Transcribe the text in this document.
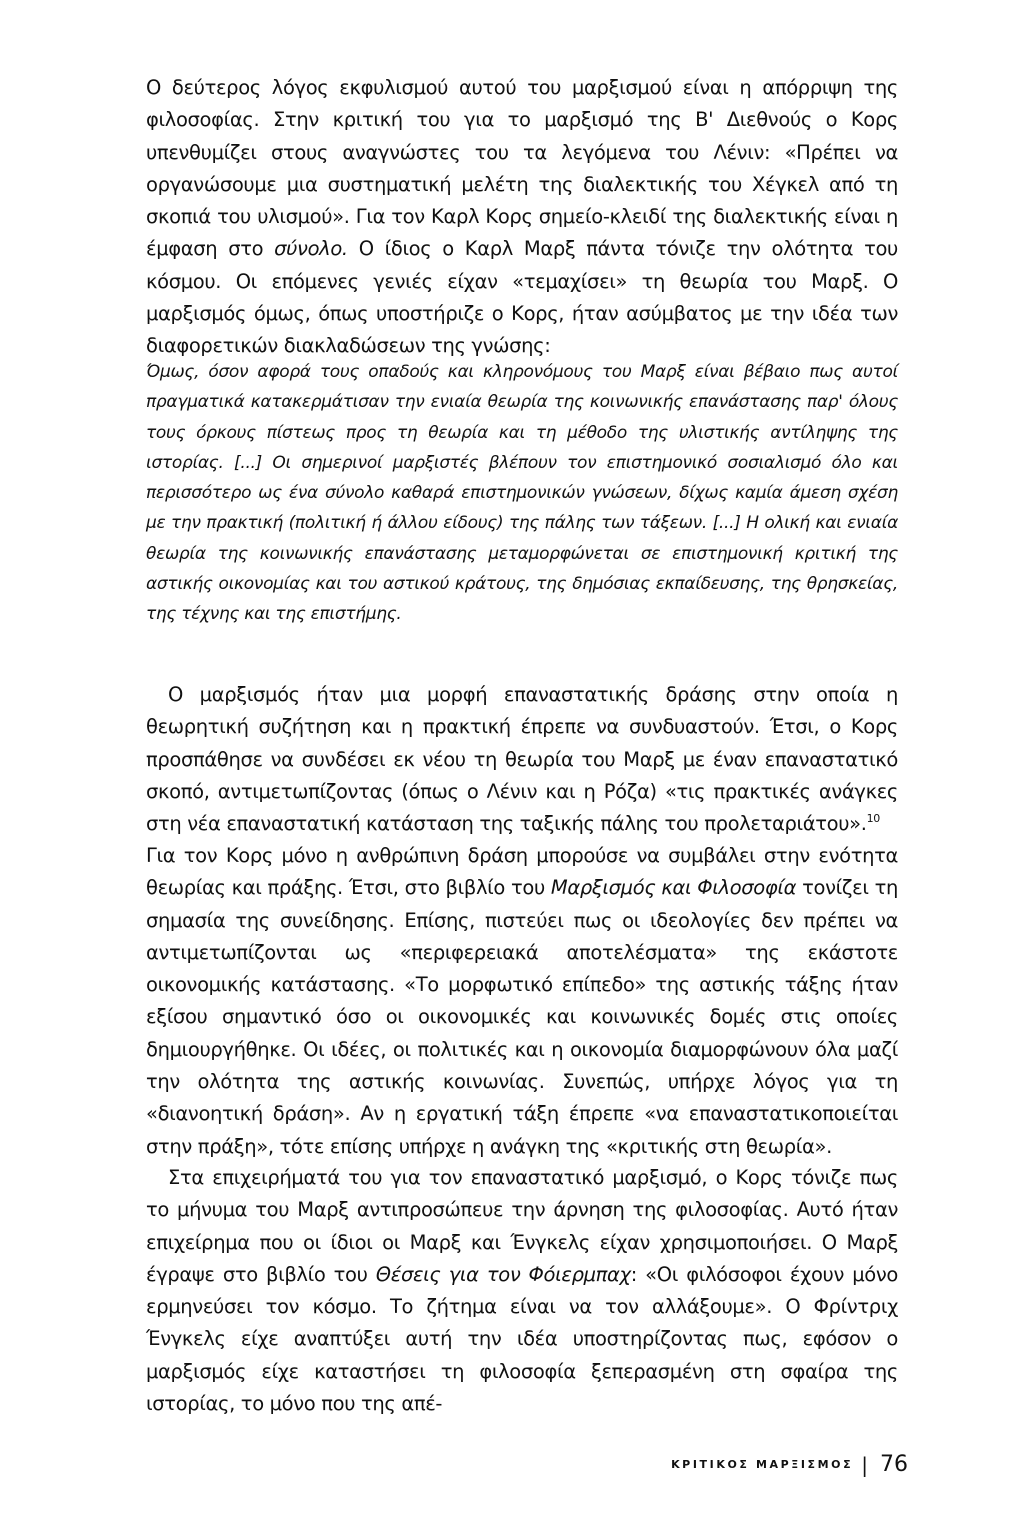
Ο δεύτερος λόγος εκφυλισμού αυτού του μαρξισμού είναι η απόρριψη της φιλοσοφίας. Στην κριτική του για το μαρξισμό της Β' Διεθνούς ο Κορς υπενθυμίζει στους αναγνώστες του τα λεγόμενα του Λένιν: «Πρέπει να οργανώσουμε μια συστηματική μελέτη της διαλεκτικής του Χέγκελ από τη σκοπιά του υλισμού». Για τον Καρλ Κορς σημείο-κλειδί της διαλεκτικής είναι η έμφαση στο σύνολο. Ο ίδιος ο Καρλ Μαρξ πάντα τόνιζε την ολότητα του κόσμου. Οι επόμενες γενιές είχαν «τεμαχίσει» τη θεωρία του Μαρξ. Ο μαρξισμός όμως, όπως υποστήριζε ο Κορς, ήταν ασύμβατος με την ιδέα των διαφορετικών διακλαδώσεων της γνώσης:

Όμως, όσον αφορά τους οπαδούς και κληρονόμους του Μαρξ είναι βέβαιο πως αυτοί πραγματικά κατακερμάτισαν την ενιαία θεωρία της κοινωνικής επανάστασης παρ' όλους τους όρκους πίστεως προς τη θεωρία και τη μέθοδο της υλιστικής αντίληψης της ιστορίας. [...] Οι σημερινοί μαρξιστές βλέπουν τον επιστημονικό σοσιαλισμό όλο και περισσότερο ως ένα σύνολο καθαρά επιστημονικών γνώσεων, δίχως καμία άμεση σχέση με την πρακτική (πολιτική ή άλλου είδους) της πάλης των τάξεων. [...] Η ολική και ενιαία θεωρία της κοινωνικής επανάστασης μεταμορφώνεται σε επιστημονική κριτική της αστικής οικονομίας και του αστικού κράτους, της δημόσιας εκπαίδευσης, της θρησκείας, της τέχνης και της επιστήμης.

Ο μαρξισμός ήταν μια μορφή επαναστατικής δράσης στην οποία η θεωρητική συζήτηση και η πρακτική έπρεπε να συνδυαστούν. Έτσι, ο Κορς προσπάθησε να συνδέσει εκ νέου τη θεωρία του Μαρξ με έναν επαναστατικό σκοπό, αντιμετωπίζοντας (όπως ο Λένιν και η Ρόζα) «τις πρακτικές ανάγκες στη νέα επαναστατική κατάσταση της ταξικής πάλης του προλεταριάτου».$^{10}$

Για τον Κορς μόνο η ανθρώπινη δράση μπορούσε να συμβάλει στην ενότητα θεωρίας και πράξης. Έτσι, στο βιβλίο του Μαρξισμός και Φιλοσοφία τονίζει τη σημασία της συνείδησης. Επίσης, πιστεύει πως οι ιδεολογίες δεν πρέπει να αντιμετωπίζονται ως «περιφερειακά αποτελέσματα» της εκάστοτε οικονομικής κατάστασης. «Το μορφωτικό επίπεδο» της αστικής τάξης ήταν εξίσου σημαντικό όσο οι οικονομικές και κοινωνικές δομές στις οποίες δημιουργήθηκε. Οι ιδέες, οι πολιτικές και η οικονομία διαμορφώνουν όλα μαζί την ολότητα της αστικής κοινωνίας. Συνεπώς, υπήρχε λόγος για τη «διανοητική δράση». Αν η εργατική τάξη έπρεπε «να επαναστατικοποιείται στην πράξη», τότε επίσης υπήρχε η ανάγκη της «κριτικής στη θεωρία».

Στα επιχειρήματά του για τον επαναστατικό μαρξισμό, ο Κορς τόνιζε πως το μήνυμα του Μαρξ αντιπροσώπευε την άρνηση της φιλοσοφίας. Αυτό ήταν επιχείρημα που οι ίδιοι οι Μαρξ και Ένγκελς είχαν χρησιμοποιήσει. Ο Μαρξ έγραψε στο βιβλίο του Θέσεις για τον Φόιερμπαχ: «Οι φιλόσοφοι έχουν μόνο ερμηνεύσει τον κόσμο. Το ζήτημα είναι να τον αλλάξουμε». Ο Φρίντριχ Ένγκελς είχε αναπτύξει αυτή την ιδέα υποστηρίζοντας πως, εφόσον ο μαρξισμός είχε καταστήσει τη φιλοσοφία ξεπερασμένη στη σφαίρα της ιστορίας, το μόνο που της απέ-

ΚΡΙΤΙΚΟΣ ΜΑΡΞΙΣΜΟΣ | 76
